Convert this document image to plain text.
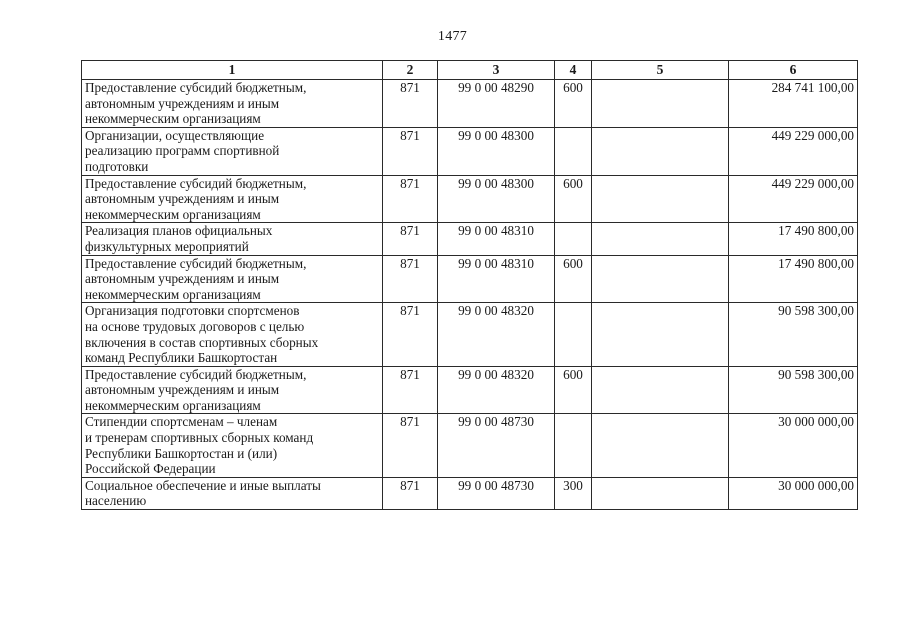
1477
1	2	3	4	5	6

Предоставление субсидий бюджетным,
автономным учреждениям и иным
некоммерческим организациям	871	99 0 00 48290	600		284 741 100,00

Организации, осуществляющие
реализацию программ спортивной
подготовки	871	99 0 00 48300			449 229 000,00

Предоставление субсидий бюджетным,
автономным учреждениям и иным
некоммерческим организациям	871	99 0 00 48300	600		449 229 000,00

Реализация планов официальных
физкультурных мероприятий	871	99 0 00 48310			17 490 800,00

Предоставление субсидий бюджетным,
автономным учреждениям и иным
некоммерческим организациям	871	99 0 00 48310	600		17 490 800,00

Организация подготовки спортсменов
на основе трудовых договоров с целью
включения в состав спортивных сборных
команд Республики Башкортостан	871	99 0 00 48320			90 598 300,00

Предоставление субсидий бюджетным,
автономным учреждениям и иным
некоммерческим организациям	871	99 0 00 48320	600		90 598 300,00

Стипендии спортсменам – членам
и тренерам спортивных сборных команд
Республики Башкортостан и (или)
Российской Федерации	871	99 0 00 48730			30 000 000,00

Социальное обеспечение и иные выплаты
населению	871	99 0 00 48730	300		30 000 000,00
